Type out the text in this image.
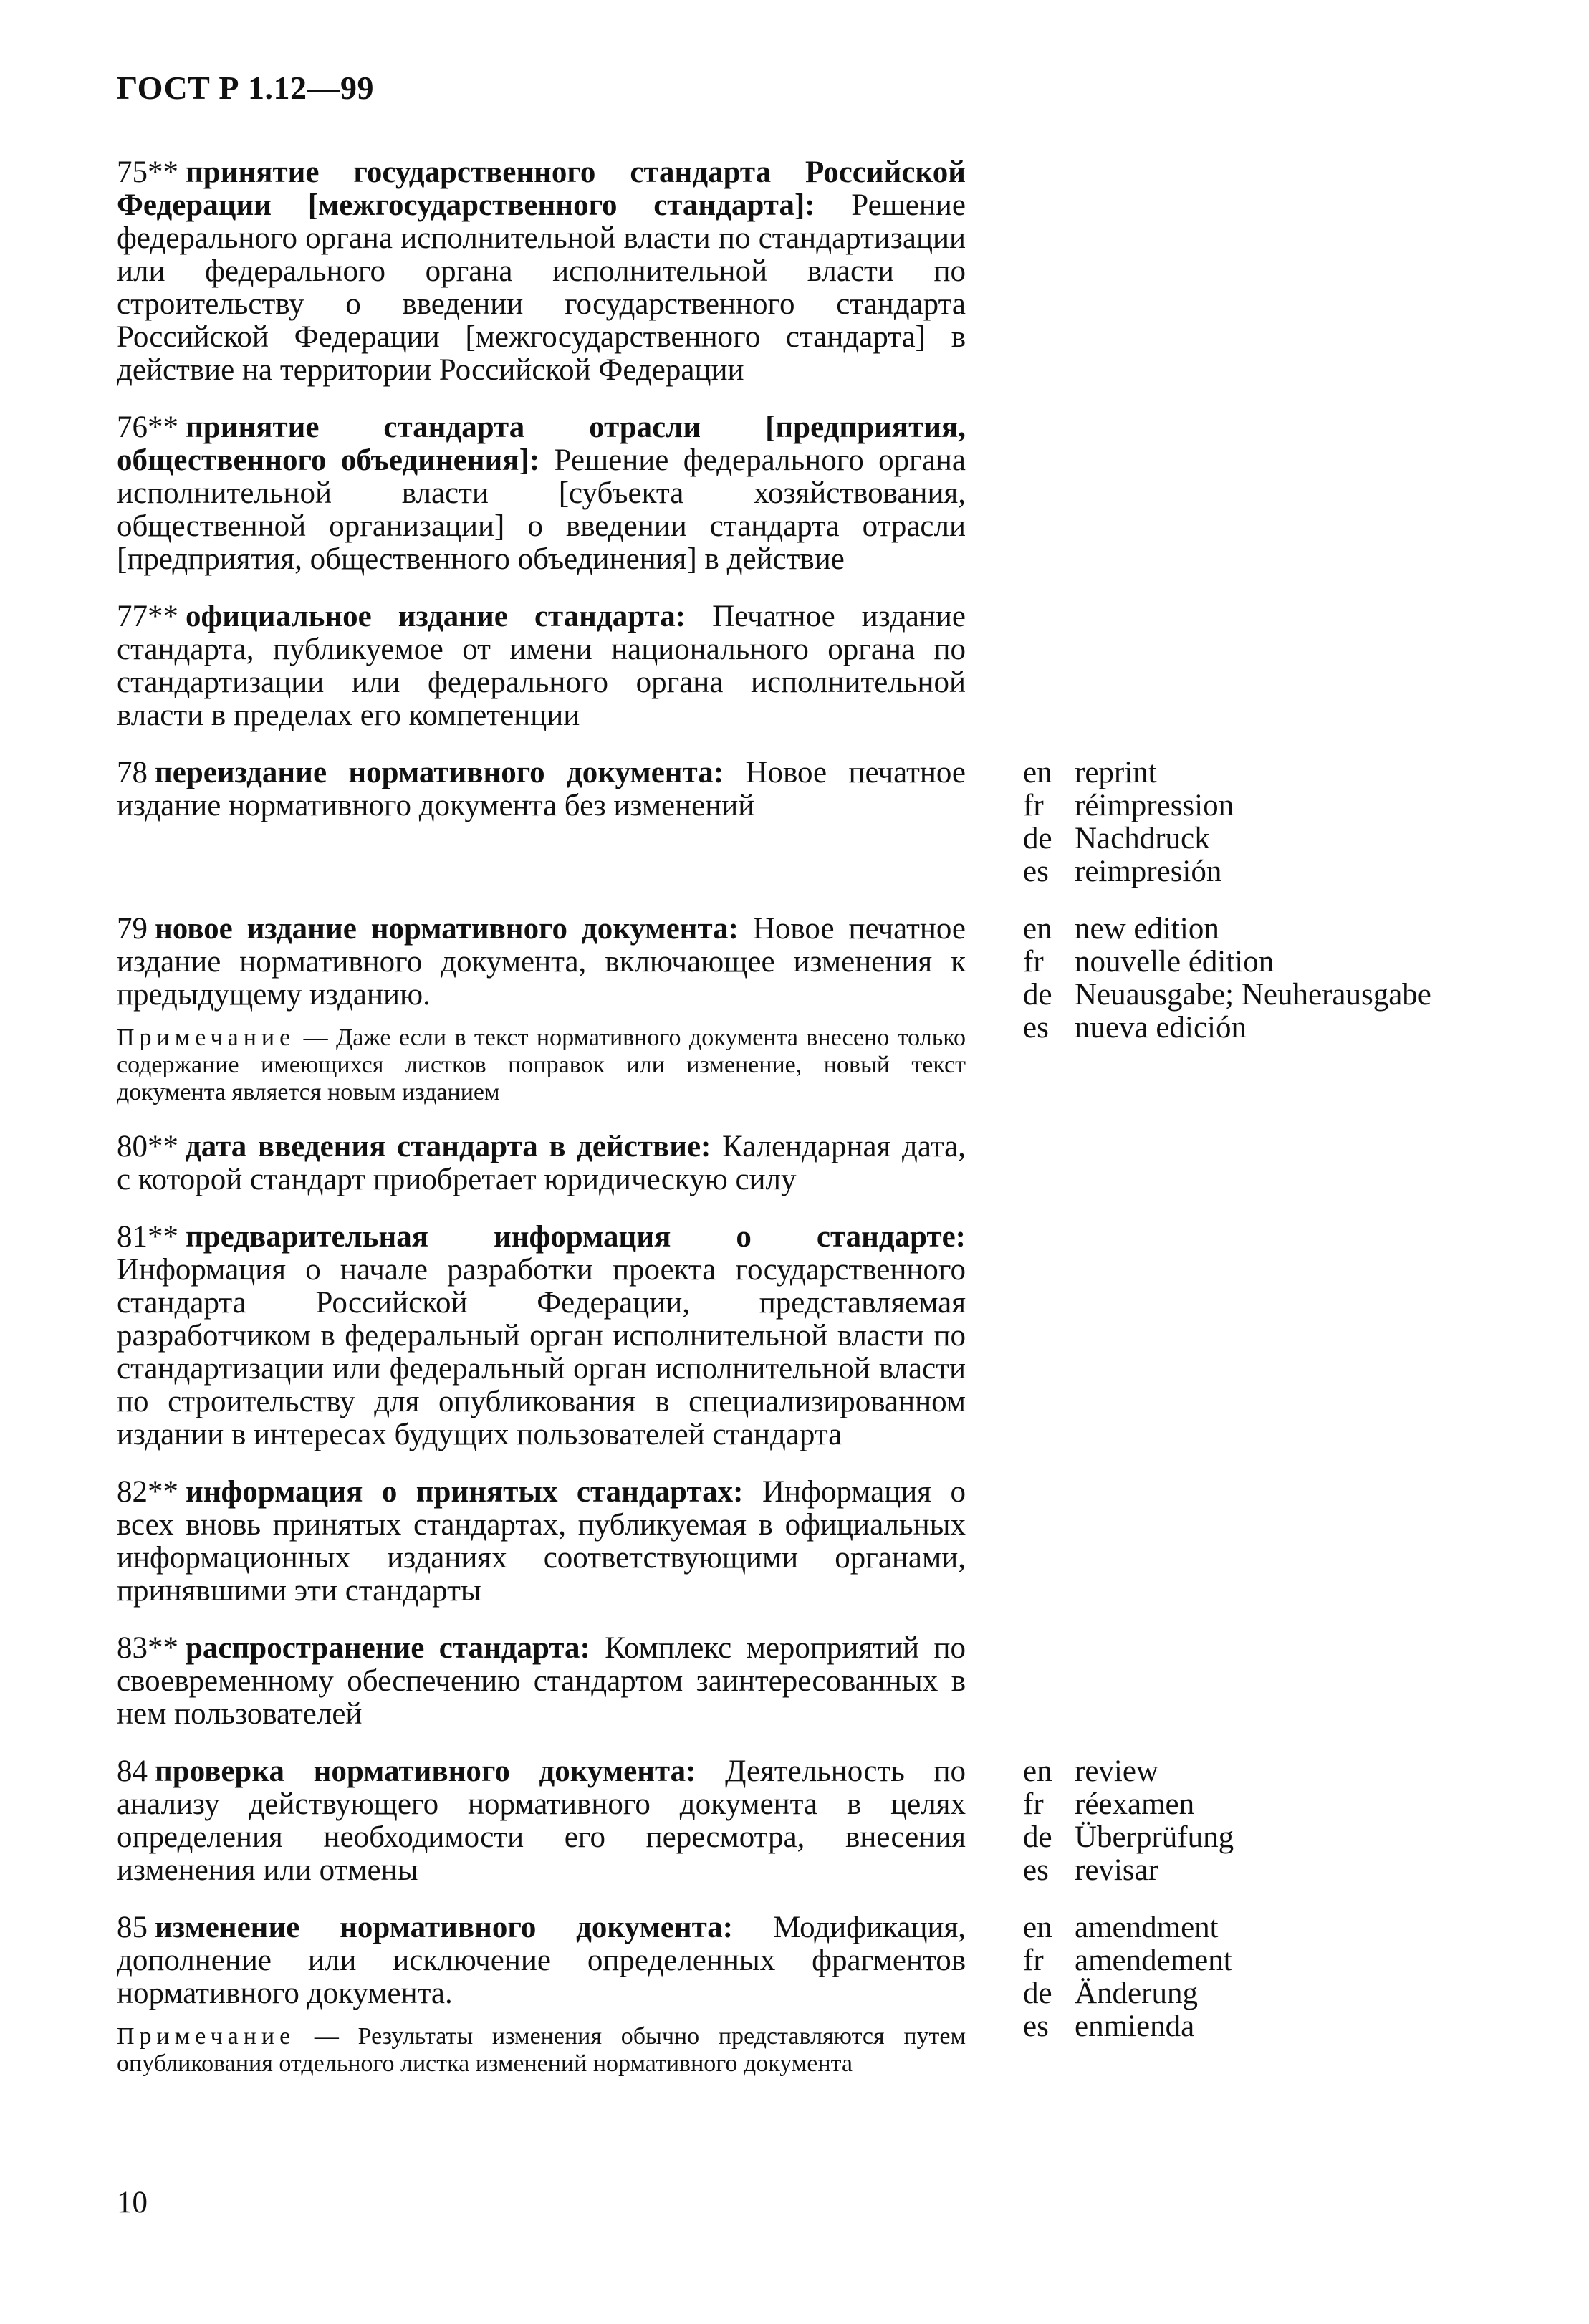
ГОСТ Р 1.12—99

75** принятие государственного стандарта Российской Федерации [межгосударственного стандарта]: Решение федерального органа исполнительной власти по стандартизации или федерального органа исполнительной власти по строительству о введении государственного стандарта Российской Федерации [межгосударственного стандарта] в действие на территории Российской Федерации

76** принятие стандарта отрасли [предприятия, общественного объединения]: Решение федерального органа исполнительной власти [субъекта хозяйствования, общественной организации] о введении стандарта отрасли [предприятия, общественного объединения] в действие

77** официальное издание стандарта: Печатное издание стандарта, публикуемое от имени национального органа по стандартизации или федерального органа исполнительной власти в пределах его компетенции

78 переиздание нормативного документа: Новое печатное издание нормативного документа без изменений

en reprint
fr	réimpression
de Nachdruck
es reimpresión

79 новое издание нормативного документа: Новое печатное издание нормативного документа, включающее изменения к предыдущему изданию.

Примечание — Даже если в текст нормативного документа внесено только содержание имеющихся листков поправок или изменение, новый текст документа является новым изданием

en new edition
fr	nouvelle édition
de Neuausgabe; Neuherausgabe
es nueva edición

80** дата введения стандарта в действие: Календарная дата, с которой стандарт приобретает юридическую силу

81** предварительная информация о стандарте: Информация о начале разработки проекта государственного стандарта Российской Федерации, представляемая разработчиком в федеральный орган исполнительной власти по стандартизации или федеральный орган исполнительной власти по строительству для опубликования в специализированном издании в интересах будущих пользователей стандарта

82** информация о принятых стандартах: Информация о всех вновь принятых стандартах, публикуемая в официальных информационных изданиях соответствующими органами, принявшими эти стандарты

83** распространение стандарта: Комплекс мероприятий по своевременному обеспечению стандартом заинтересованных в нем пользователей

84 проверка нормативного документа: Деятельность по анализу действующего нормативного документа в целях определения необходимости его пересмотра, внесения изменения или отмены

en review
fr	réexamen
de Überprüfung
es revisar

85 изменение нормативного документа: Модификация, дополнение или исключение определенных фрагментов нормативного документа.

Примечание — Результаты изменения обычно представляются путем опубликования отдельного листка изменений нормативного документа

en amendment
fr	amendement
de Änderung
es enmienda
10
